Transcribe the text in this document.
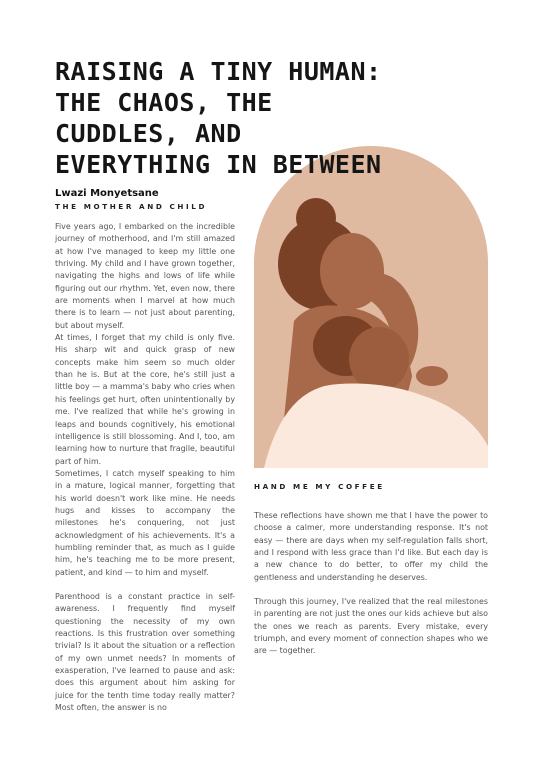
RAISING A TINY HUMAN:
THE CHAOS, THE
CUDDLES, AND
EVERYTHING IN BETWEEN
Lwazi Monyetsane
THE MOTHER AND CHILD

Five years ago, I embarked on the incredible journey of motherhood, and I'm still amazed at how I've managed to keep my little one thriving. My child and I have grown together, navigating the highs and lows of life while figuring out our rhythm. Yet, even now, there are moments when I marvel at how much there is to learn — not just about parenting, but about myself.

At times, I forget that my child is only five. His sharp wit and quick grasp of new concepts make him seem so much older than he is. But at the core, he's still just a little boy — a mamma's baby who cries when his feelings get hurt, often unintentionally by me. I've realized that while he's growing in leaps and bounds cognitively, his emotional intelligence is still blossoming. And I, too, am learning how to nurture that fragile, beautiful part of him.

Sometimes, I catch myself speaking to him in a mature, logical manner, forgetting that his world doesn't work like mine. He needs hugs and kisses to accompany the milestones he's conquering, not just acknowledgment of his achievements. It's a humbling reminder that, as much as I guide him, he's teaching me to be more present, patient, and kind — to him and myself.

Parenthood is a constant practice in self-awareness. I frequently find myself questioning the necessity of my own reactions. Is this frustration over something trivial? Is it about the situation or a reflection of my own unmet needs? In moments of exasperation, I've learned to pause and ask: does this argument about him asking for juice for the tenth time today really matter? Most often, the answer is no

HAND ME MY COFFEE

These reflections have shown me that I have the power to choose a calmer, more understanding response. It's not easy — there are days when my self-regulation falls short, and I respond with less grace than I'd like. But each day is a new chance to do better, to offer my child the gentleness and understanding he deserves.

Through this journey, I've realized that the real milestones in parenting are not just the ones our kids achieve but also the ones we reach as parents. Every mistake, every triumph, and every moment of connection shapes who we are — together.
